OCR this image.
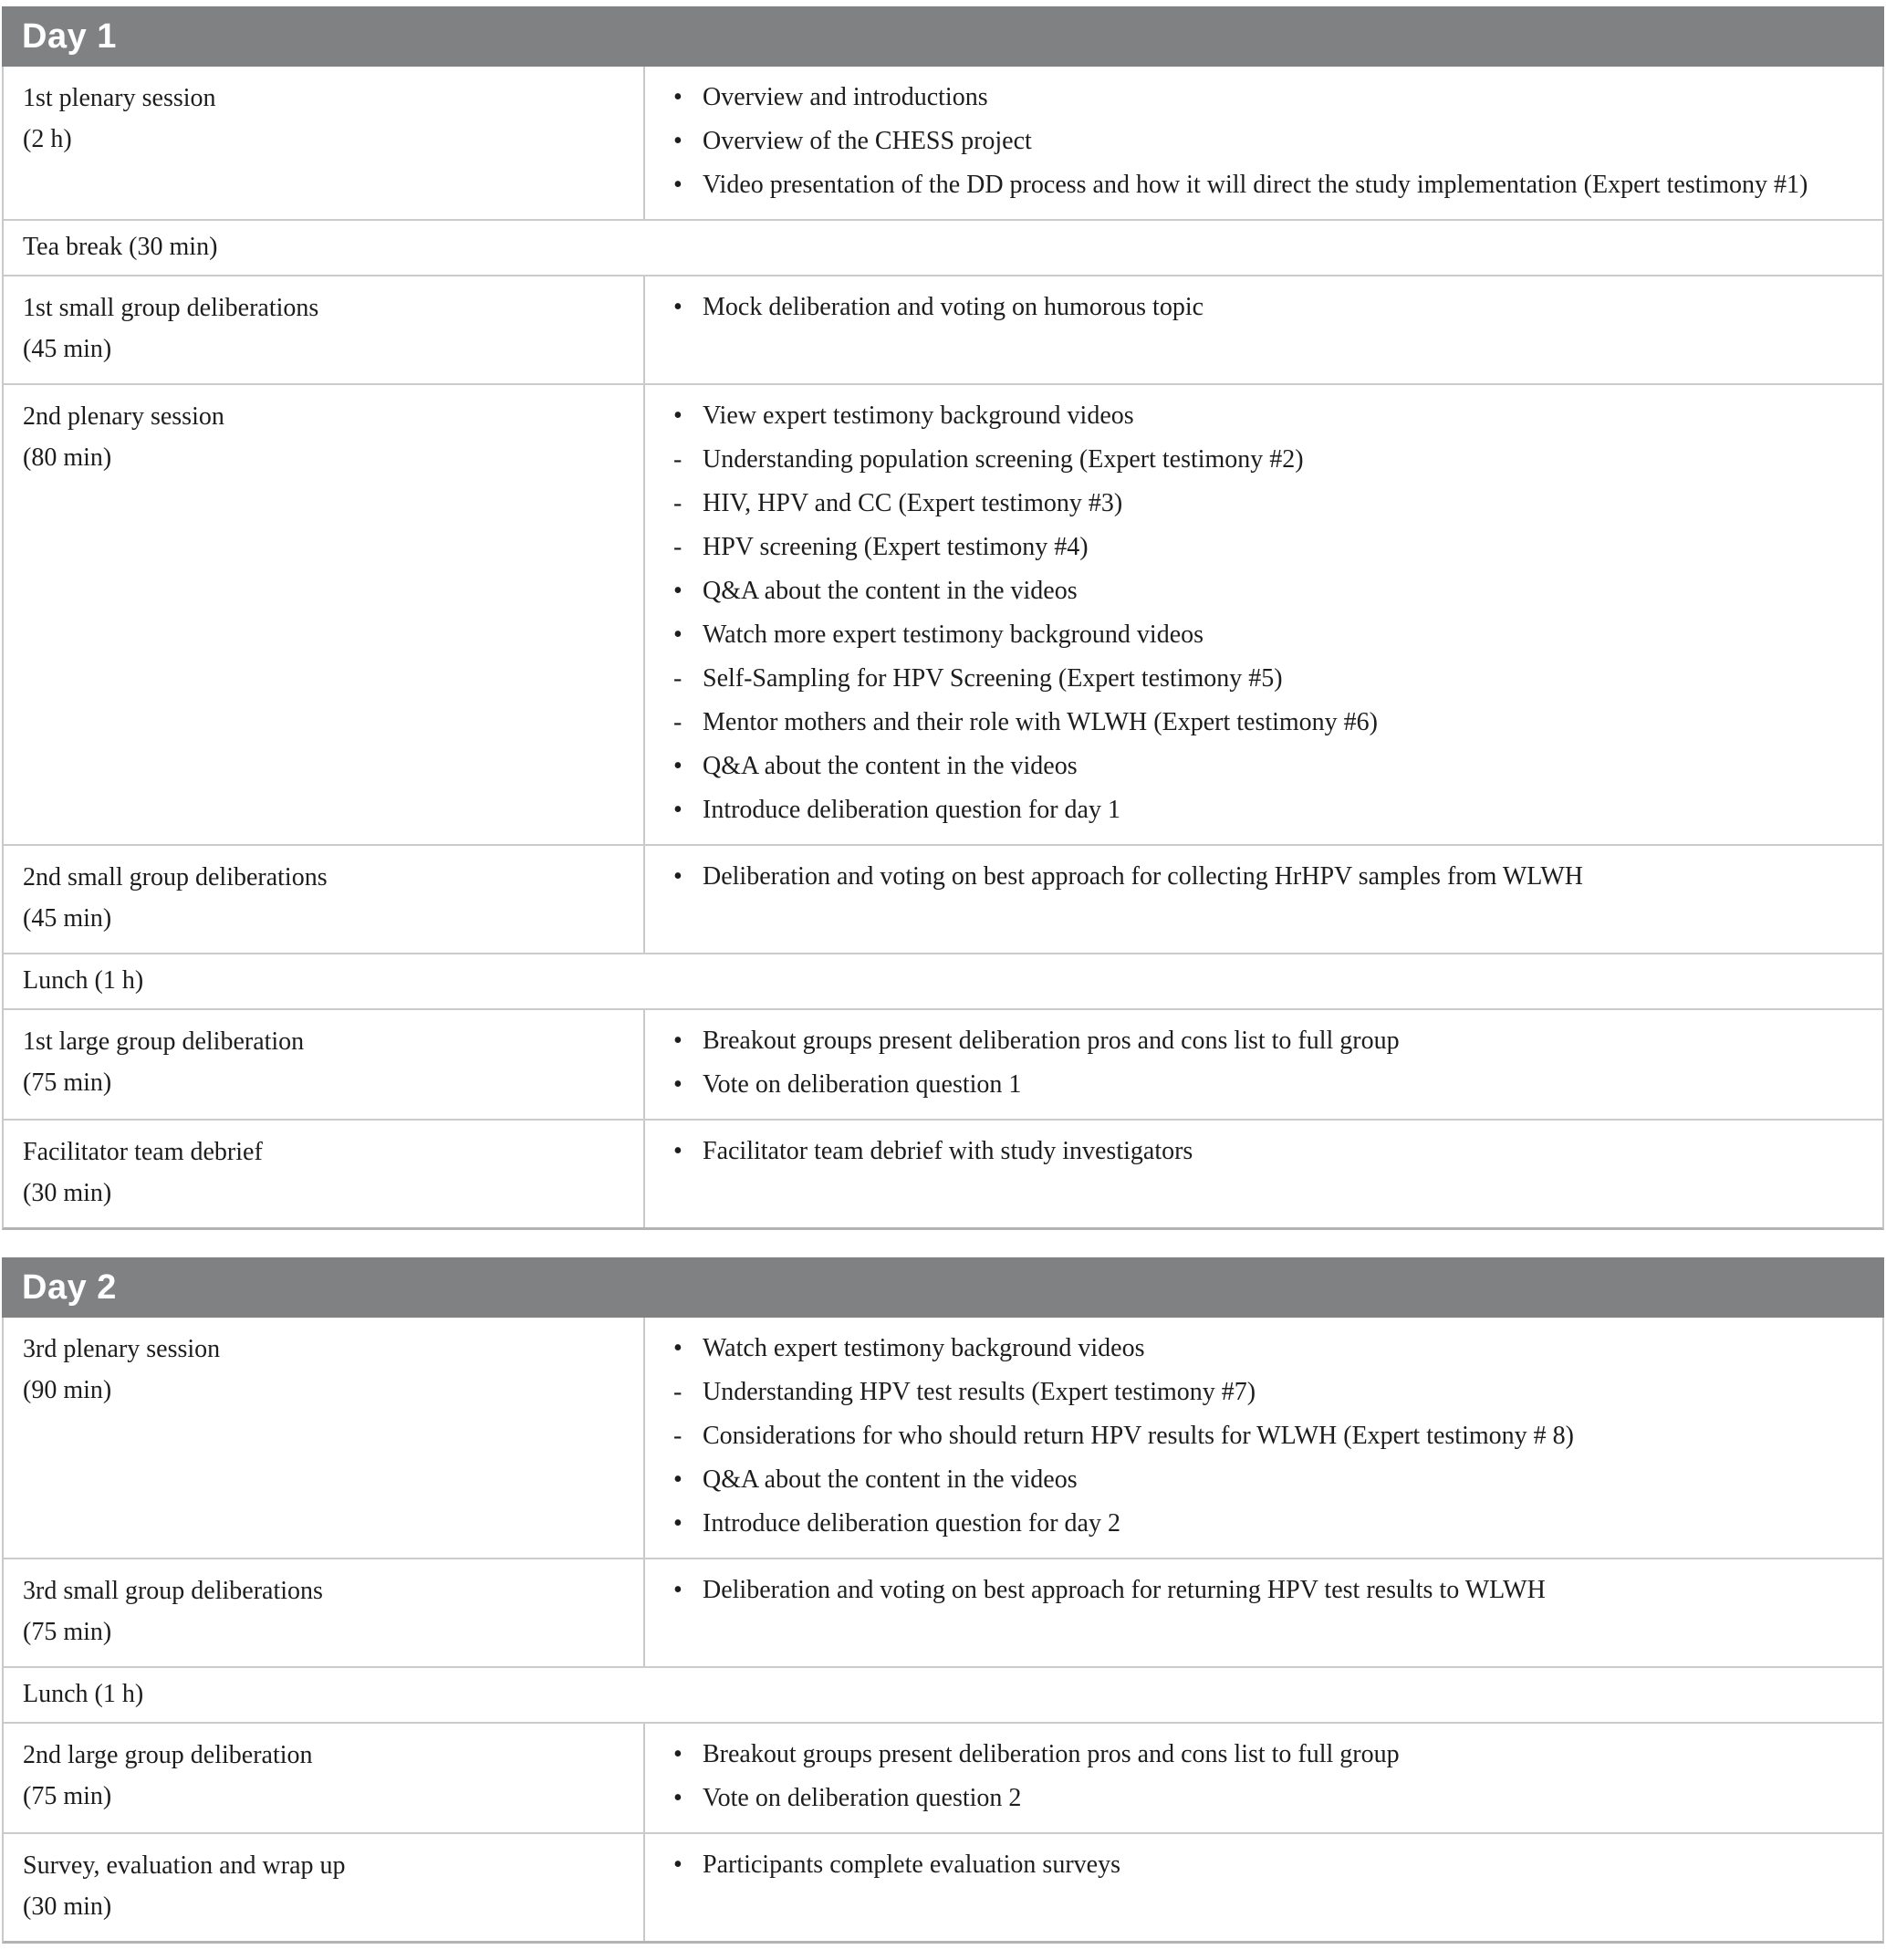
Day 1
1st plenary session
(2 h)
• Overview and introductions
• Overview of the CHESS project
• Video presentation of the DD process and how it will direct the study implementation (Expert testimony #1)
Tea break (30 min)
1st small group deliberations
(45 min)
• Mock deliberation and voting on humorous topic
2nd plenary session
(80 min)
• View expert testimony background videos
- Understanding population screening (Expert testimony #2)
- HIV, HPV and CC (Expert testimony #3)
- HPV screening (Expert testimony #4)
• Q&A about the content in the videos
• Watch more expert testimony background videos
- Self-Sampling for HPV Screening (Expert testimony #5)
- Mentor mothers and their role with WLWH (Expert testimony #6)
• Q&A about the content in the videos
• Introduce deliberation question for day 1
2nd small group deliberations
(45 min)
• Deliberation and voting on best approach for collecting HrHPV samples from WLWH
Lunch (1 h)
1st large group deliberation
(75 min)
• Breakout groups present deliberation pros and cons list to full group
• Vote on deliberation question 1
Facilitator team debrief
(30 min)
• Facilitator team debrief with study investigators
Day 2
3rd plenary session
(90 min)
• Watch expert testimony background videos
- Understanding HPV test results (Expert testimony #7)
- Considerations for who should return HPV results for WLWH (Expert testimony # 8)
• Q&A about the content in the videos
• Introduce deliberation question for day 2
3rd small group deliberations
(75 min)
• Deliberation and voting on best approach for returning HPV test results to WLWH
Lunch (1 h)
2nd large group deliberation
(75 min)
• Breakout groups present deliberation pros and cons list to full group
• Vote on deliberation question 2
Survey, evaluation and wrap up
(30 min)
• Participants complete evaluation surveys
